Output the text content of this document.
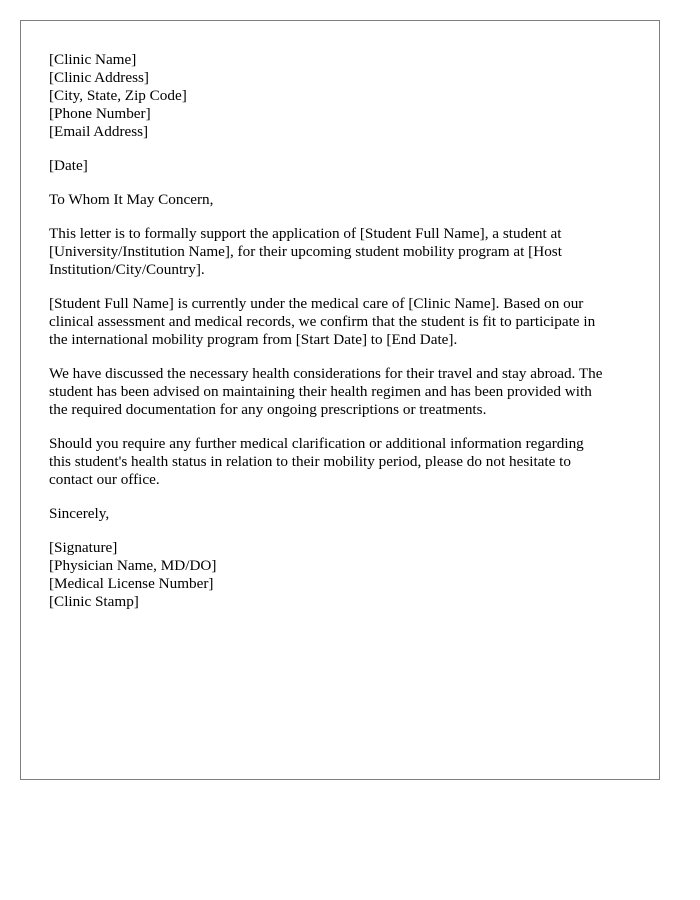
[Clinic Name]
[Clinic Address]
[City, State, Zip Code]
[Phone Number]
[Email Address]

[Date]

To Whom It May Concern,

This letter is to formally support the application of [Student Full Name], a student at
[University/Institution Name], for their upcoming student mobility program at [Host
Institution/City/Country].

[Student Full Name] is currently under the medical care of [Clinic Name]. Based on our
clinical assessment and medical records, we confirm that the student is fit to participate in
the international mobility program from [Start Date] to [End Date].

We have discussed the necessary health considerations for their travel and stay abroad. The
student has been advised on maintaining their health regimen and has been provided with
the required documentation for any ongoing prescriptions or treatments.

Should you require any further medical clarification or additional information regarding
this student's health status in relation to their mobility period, please do not hesitate to
contact our office.

Sincerely,

[Signature]
[Physician Name, MD/DO]
[Medical License Number]
[Clinic Stamp]
